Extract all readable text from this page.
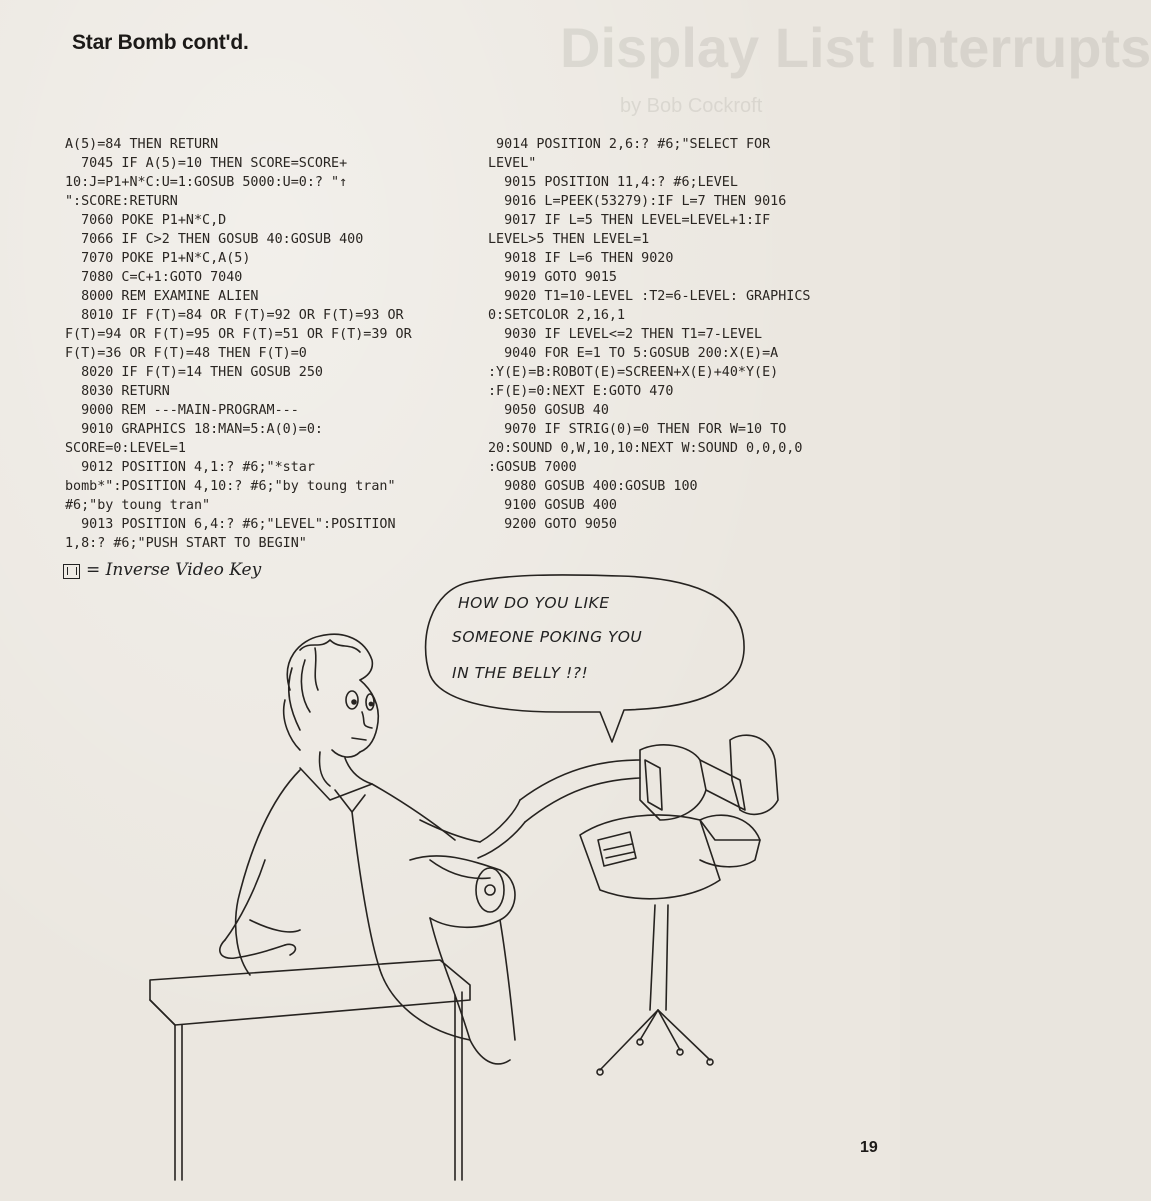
Display List Interrupts
by Bob Cockroft
Star Bomb cont'd.
A(5)=84 THEN RETURN
7045 IF A(5)=10 THEN SCORE=SCORE+
10:J=P1+N*C:U=1:GOSUB 5000:U=0:? "↑
":SCORE:RETURN
7060 POKE P1+N*C,D
7066 IF C>2 THEN GOSUB 40:GOSUB 400
7070 POKE P1+N*C,A(5)
7080 C=C+1:GOTO 7040
8000 REM EXAMINE ALIEN
8010 IF F(T)=84 OR F(T)=92 OR F(T)=93 OR
F(T)=94 OR F(T)=95 OR F(T)=51 OR F(T)=39 OR
F(T)=36 OR F(T)=48 THEN F(T)=0
8020 IF F(T)=14 THEN GOSUB 250
8030 RETURN
9000 REM ---MAIN-PROGRAM---
9010 GRAPHICS 18:MAN=5:A(0)=0:
SCORE=0:LEVEL=1
9012 POSITION 4,1:? #6;"*star
bomb*":POSITION 4,10:? #6;"by toung tran"
#6;"by toung tran"
9013 POSITION 6,4:? #6;"LEVEL":POSITION
1,8:? #6;"PUSH START TO BEGIN"
9014 POSITION 2,6:? #6;"SELECT FOR
LEVEL"
9015 POSITION 11,4:? #6;LEVEL
9016 L=PEEK(53279):IF L=7 THEN 9016
9017 IF L=5 THEN LEVEL=LEVEL+1:IF
LEVEL>5 THEN LEVEL=1
9018 IF L=6 THEN 9020
9019 GOTO 9015
9020 T1=10-LEVEL :T2=6-LEVEL: GRAPHICS
0:SETCOLOR 2,16,1
9030 IF LEVEL<=2 THEN T1=7-LEVEL
9040 FOR E=1 TO 5:GOSUB 200:X(E)=A
:Y(E)=B:ROBOT(E)=SCREEN+X(E)+40*Y(E)
:F(E)=0:NEXT E:GOTO 470
9050 GOSUB 40
9070 IF STRIG(0)=0 THEN FOR W=10 TO
20:SOUND 0,W,10,10:NEXT W:SOUND 0,0,0,0
:GOSUB 7000
9080 GOSUB 400:GOSUB 100
9100 GOSUB 400
9200 GOTO 9050
= Inverse Video Key
HOW DO YOU LIKE
SOMEONE POKING YOU
IN THE BELLY !?!
19
